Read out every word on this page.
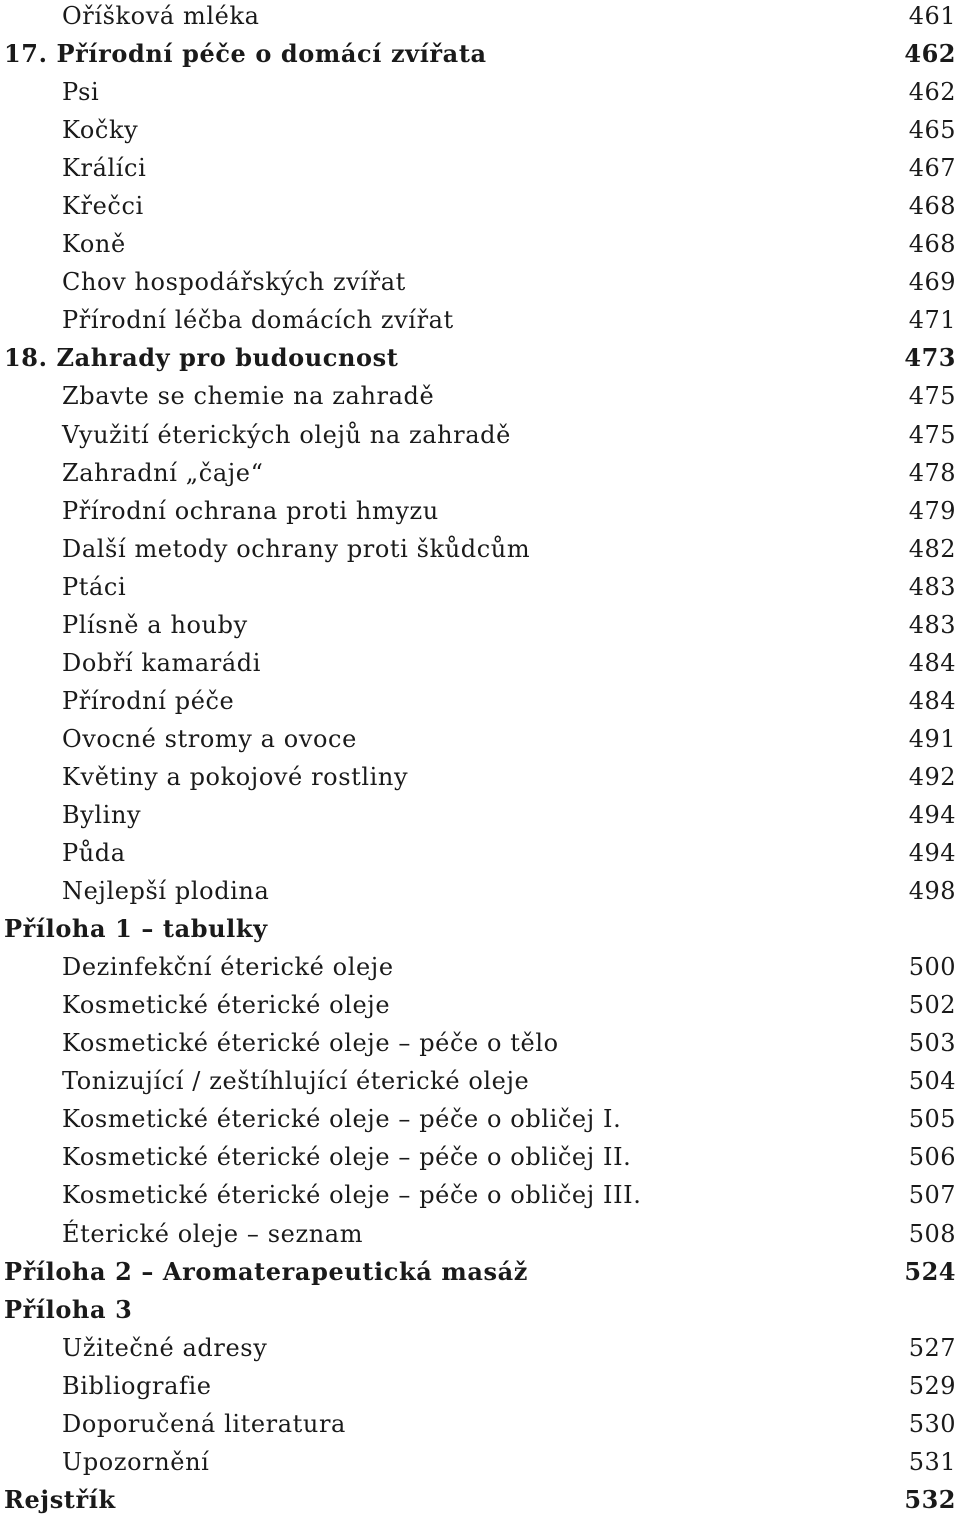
Oříšková mléka	461
17. Přírodní péče o domácí zvířata	462
Psi	462
Kočky	465
Králíci	467
Křečci	468
Koně	468
Chov hospodářských zvířat	469
Přírodní léčba domácích zvířat	471
18. Zahrady pro budoucnost	473
Zbavte se chemie na zahradě	475
Využití éterických olejů na zahradě	475
Zahradní „čaje“	478
Přírodní ochrana proti hmyzu	479
Další metody ochrany proti škůdcům	482
Ptáci	483
Plísně a houby	483
Dobří kamarádi	484
Přírodní péče	484
Ovocné stromy a ovoce	491
Květiny a pokojové rostliny	492
Byliny	494
Půda	494
Nejlepší plodina	498
Příloha 1 – tabulky
Dezinfekční éterické oleje	500
Kosmetické éterické oleje	502
Kosmetické éterické oleje – péče o tělo	503
Tonizující / zeštíhlující éterické oleje	504
Kosmetické éterické oleje – péče o obličej I.	505
Kosmetické éterické oleje – péče o obličej II.	506
Kosmetické éterické oleje – péče o obličej III.	507
Éterické oleje – seznam	508
Příloha 2 – Aromaterapeutická masáž	524
Příloha 3
Užitečné adresy	527
Bibliografie	529
Doporučená literatura	530
Upozornění	531
Rejstřík	532
